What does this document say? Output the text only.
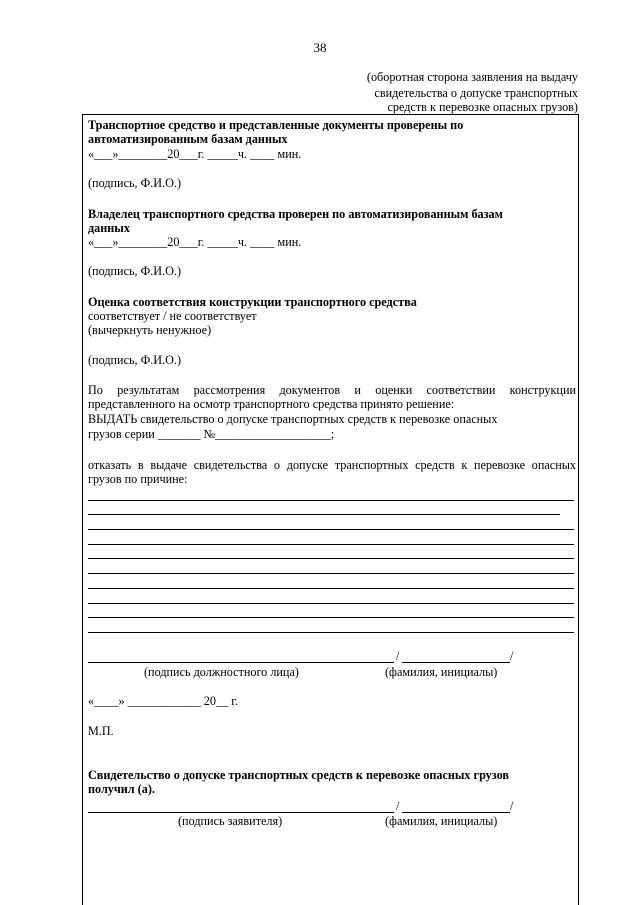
38
(оборотная сторона заявления на выдачу
свидетельства о допуске транспортных
средств к перевозке опасных грузов)
Транспортное средство и представленные документы проверены по
автоматизированным базам данных
«___»________20___г. _____ч. ____ мин.
(подпись, Ф.И.О.)
Владелец транспортного средства проверен по автоматизированным базам
данных
«___»________20___г. _____ч. ____ мин.
(подпись, Ф.И.О.)
Оценка соответствия конструкции транспортного средства
соответствует / не соответствует
(вычеркнуть ненужное)
(подпись, Ф.И.О.)
По результатам рассмотрения документов и оценки соответствии конструкции
представленного на осмотр транспортного средства принято решение:
ВЫДАТЬ свидетельство о допуске транспортных средств к перевозке опасных
грузов серии _______ №___________________;
отказать в выдаче свидетельства о допуске транспортных средств к перевозке опасных
грузов по причине:
/	/
(подпись должностного лица)	(фамилия, инициалы)
«____» ____________ 20__ г.
М.П.
Свидетельство о допуске транспортных средств к перевозке опасных грузов
получил (а).
/	/
(подпись заявителя)	(фамилия, инициалы)
